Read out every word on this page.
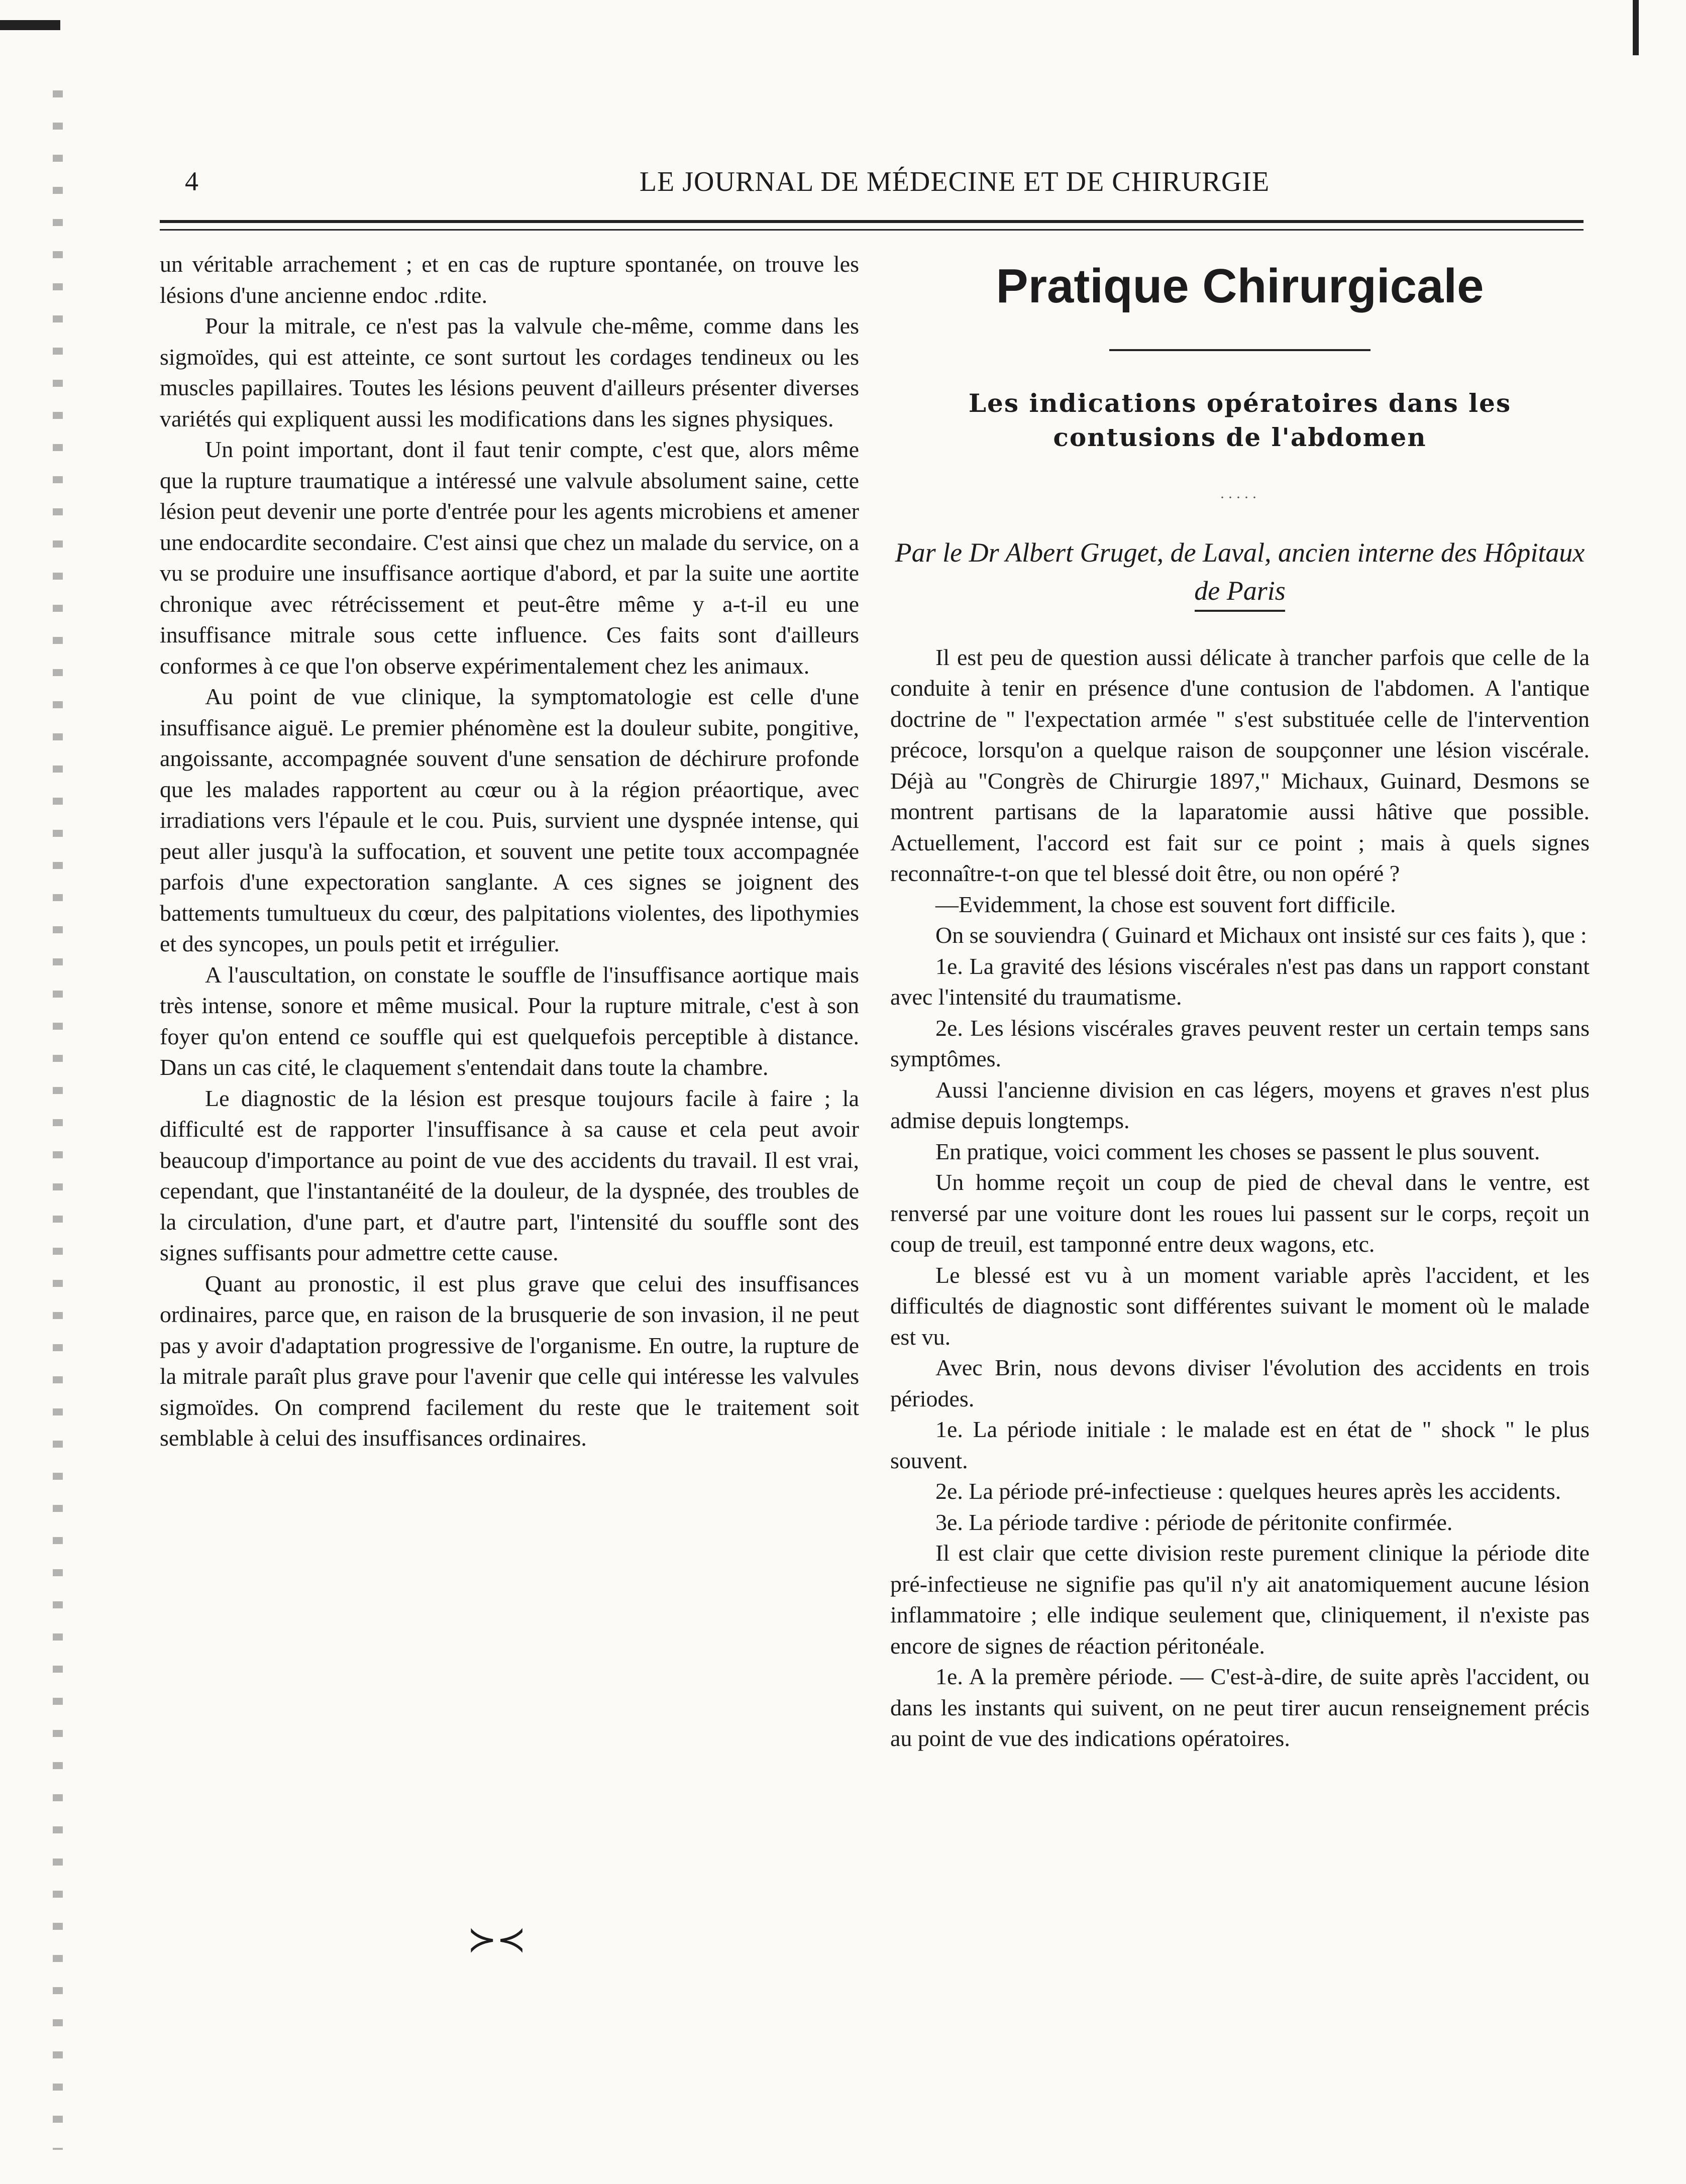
4	LE JOURNAL DE MÉDECINE ET DE CHIRURGIE

un véritable arrachement ; et en cas de rupture spontanée, on trouve les lésions d'une ancienne endoc .rdite.

Pour la mitrale, ce n'est pas la valvule che-même, comme dans les sigmoïdes, qui est atteinte, ce sont surtout les cordages tendineux ou les muscles papillaires. Toutes les lésions peuvent d'ailleurs présenter diverses variétés qui expliquent aussi les modifications dans les signes physiques.

Un point important, dont il faut tenir compte, c'est que, alors même que la rupture traumatique a intéressé une valvule absolument saine, cette lésion peut devenir une porte d'entrée pour les agents microbiens et amener une endocardite secondaire. C'est ainsi que chez un malade du service, on a vu se produire une insuffisance aortique d'abord, et par la suite une aortite chronique avec rétrécissement et peut-être même y a-t-il eu une insuffisance mitrale sous cette influence. Ces faits sont d'ailleurs conformes à ce que l'on observe expérimentalement chez les animaux.

Au point de vue clinique, la symptomatologie est celle d'une insuffisance aiguë. Le premier phénomène est la douleur subite, pongitive, angoissante, accompagnée souvent d'une sensation de déchirure profonde que les malades rapportent au cœur ou à la région préaortique, avec irradiations vers l'épaule et le cou. Puis, survient une dyspnée intense, qui peut aller jusqu'à la suffocation, et souvent une petite toux accompagnée parfois d'une expectoration sanglante. A ces signes se joignent des battements tumultueux du cœur, des palpitations violentes, des lipothymies et des syncopes, un pouls petit et irrégulier.

A l'auscultation, on constate le souffle de l'insuffisance aortique mais très intense, sonore et même musical. Pour la rupture mitrale, c'est à son foyer qu'on entend ce souffle qui est quelquefois perceptible à distance. Dans un cas cité, le claquement s'entendait dans toute la chambre.

Le diagnostic de la lésion est presque toujours facile à faire ; la difficulté est de rapporter l'insuffisance à sa cause et cela peut avoir beaucoup d'importance au point de vue des accidents du travail. Il est vrai, cependant, que l'instantanéité de la douleur, de la dyspnée, des troubles de la circulation, d'une part, et d'autre part, l'intensité du souffle sont des signes suffisants pour admettre cette cause.

Quant au pronostic, il est plus grave que celui des insuffisances ordinaires, parce que, en raison de la brusquerie de son invasion, il ne peut pas y avoir d'adaptation progressive de l'organisme. En outre, la rupture de la mitrale paraît plus grave pour l'avenir que celle qui intéresse les valvules sigmoïdes. On comprend facilement du reste que le traitement soit semblable à celui des insuffisances ordinaires.

≻≺
Pratique Chirurgicale
Les indications opératoires dans les contusions de l'abdomen
·····

Par le Dr Albert Gruget, de Laval, ancien interne des Hôpitaux de Paris

Il est peu de question aussi délicate à trancher parfois que celle de la conduite à tenir en présence d'une contusion de l'abdomen. A l'antique doctrine de " l'expectation armée " s'est substituée celle de l'intervention précoce, lorsqu'on a quelque raison de soupçonner une lésion viscérale. Déjà au "Congrès de Chirurgie 1897," Michaux, Guinard, Desmons se montrent partisans de la laparatomie aussi hâtive que possible. Actuellement, l'accord est fait sur ce point ; mais à quels signes reconnaître-t-on que tel blessé doit être, ou non opéré ?

—Evidemment, la chose est souvent fort difficile.

On se souviendra ( Guinard et Michaux ont insisté sur ces faits ), que :

1e. La gravité des lésions viscérales n'est pas dans un rapport constant avec l'intensité du traumatisme.

2e. Les lésions viscérales graves peuvent rester un certain temps sans symptômes.

Aussi l'ancienne division en cas légers, moyens et graves n'est plus admise depuis longtemps.

En pratique, voici comment les choses se passent le plus souvent.

Un homme reçoit un coup de pied de cheval dans le ventre, est renversé par une voiture dont les roues lui passent sur le corps, reçoit un coup de treuil, est tamponné entre deux wagons, etc.

Le blessé est vu à un moment variable après l'accident, et les difficultés de diagnostic sont différentes suivant le moment où le malade est vu.

Avec Brin, nous devons diviser l'évolution des accidents en trois périodes.

1e. La période initiale : le malade est en état de " shock " le plus souvent.

2e. La période pré-infectieuse : quelques heures après les accidents.

3e. La période tardive : période de péritonite confirmée.

Il est clair que cette division reste purement clinique la période dite pré-infectieuse ne signifie pas qu'il n'y ait anatomiquement aucune lésion inflammatoire ; elle indique seulement que, cliniquement, il n'existe pas encore de signes de réaction péritonéale.

1e. A la premère période. — C'est-à-dire, de suite après l'accident, ou dans les instants qui suivent, on ne peut tirer aucun renseignement précis au point de vue des indications opératoires.
